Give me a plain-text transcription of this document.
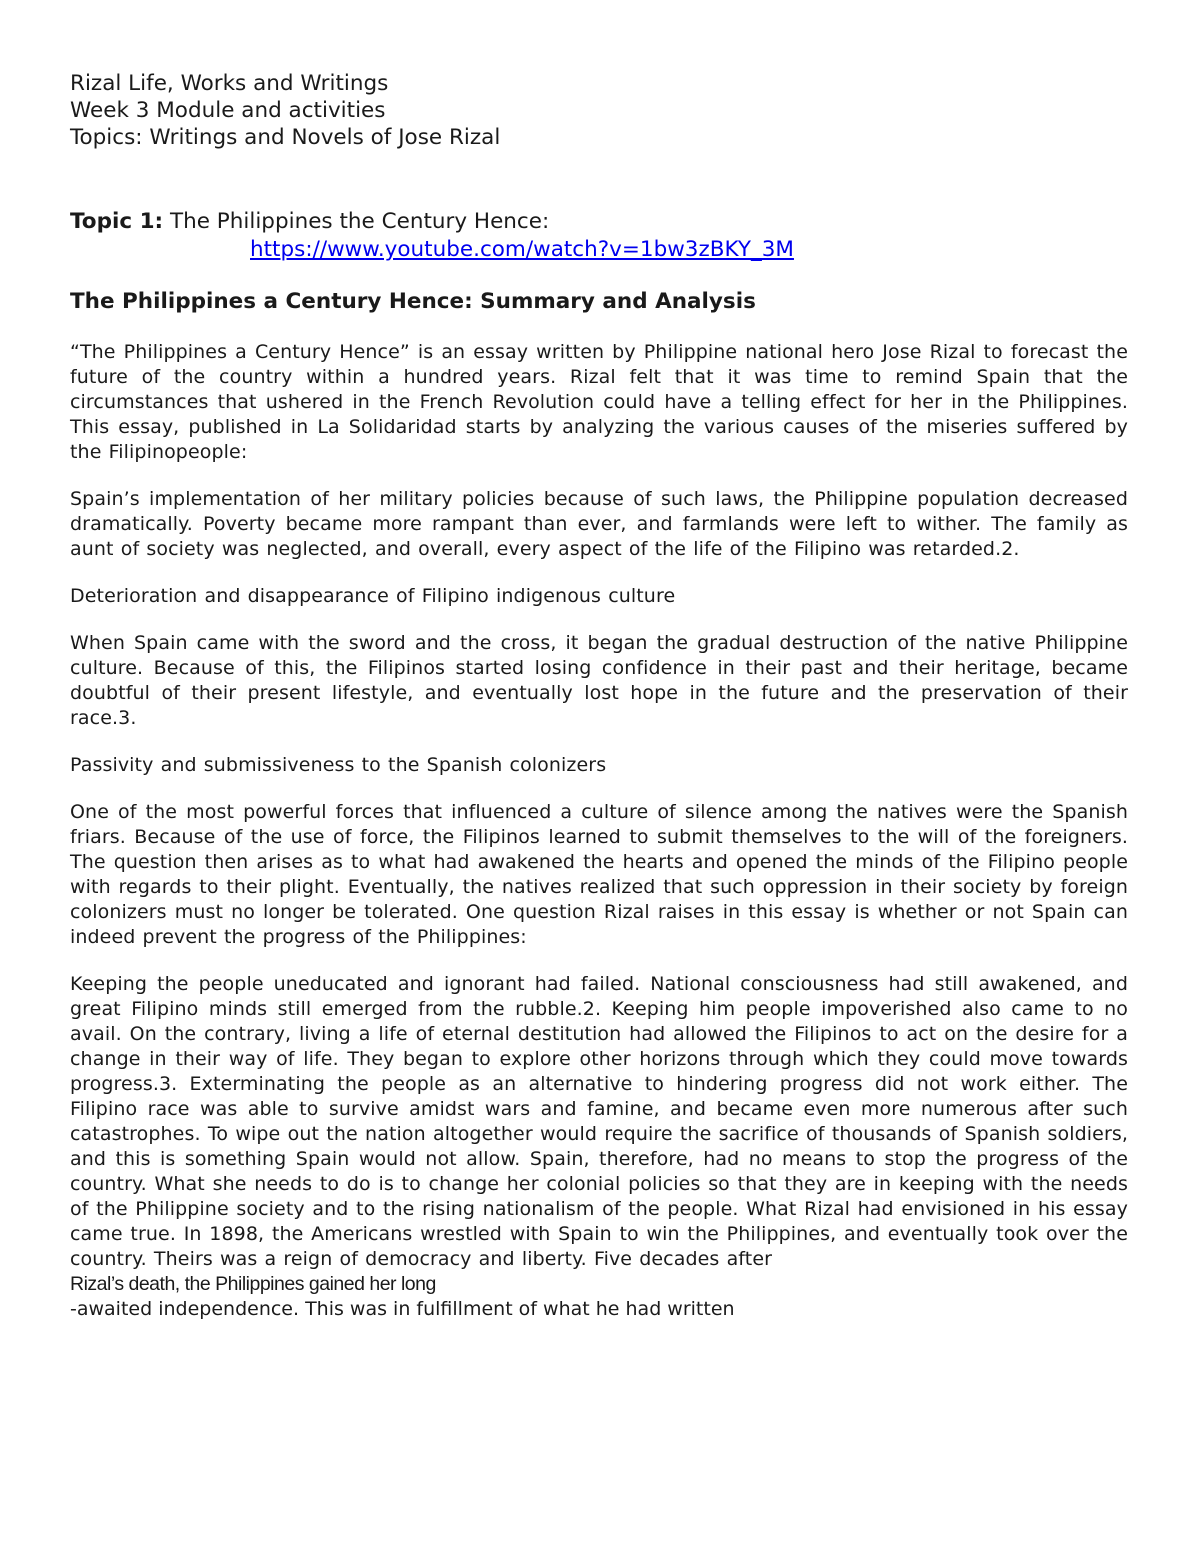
Rizal Life, Works and Writings

Week 3 Module and activities

Topics: Writings and Novels of Jose Rizal

Topic 1: The Philippines the Century Hence:
https://www.youtube.com/watch?v=1bw3zBKY_3M
The Philippines a Century Hence: Summary and Analysis

“The Philippines a Century Hence” is an essay written by Philippine national hero Jose Rizal to forecast the future of the country within a hundred years. Rizal felt that it was time to remind Spain that the circumstances that ushered in the French Revolution could have a telling effect for her in the Philippines. This essay, published in La Solidaridad starts by analyzing the various causes of the miseries suffered by the Filipinopeople:

Spain’s implementation of her military policies because of such laws, the Philippine population decreased dramatically. Poverty became more rampant than ever, and farmlands were left to wither. The family as aunt of society was neglected, and overall, every aspect of the life of the Filipino was retarded.2.

Deterioration and disappearance of Filipino indigenous culture

When Spain came with the sword and the cross, it began the gradual destruction of the native Philippine culture. Because of this, the Filipinos started losing confidence in their past and their heritage, became doubtful of their present lifestyle, and eventually lost hope in the future and the preservation of their race.3.

Passivity and submissiveness to the Spanish colonizers

One of the most powerful forces that influenced a culture of silence among the natives were the Spanish friars. Because of the use of force, the Filipinos learned to submit themselves to the will of the foreigners. The question then arises as to what had awakened the hearts and opened the minds of the Filipino people with regards to their plight. Eventually, the natives realized that such oppression in their society by foreign colonizers must no longer be tolerated. One question Rizal raises in this essay is whether or not Spain can indeed prevent the progress of the Philippines:

Keeping the people uneducated and ignorant had failed. National consciousness had still awakened, and great Filipino minds still emerged from the rubble.2. Keeping him people impoverished also came to no avail. On the contrary, living a life of eternal destitution had allowed the Filipinos to act on the desire for a change in their way of life. They began to explore other horizons through which they could move towards progress.3. Exterminating the people as an alternative to hindering progress did not work either. The Filipino race was able to survive amidst wars and famine, and became even more numerous after such catastrophes. To wipe out the nation altogether would require the sacrifice of thousands of Spanish soldiers, and this is something Spain would not allow. Spain, therefore, had no means to stop the progress of the country. What she needs to do is to change her colonial policies so that they are in keeping with the needs of the Philippine society and to the rising nationalism of the people. What Rizal had envisioned in his essay came true. In 1898, the Americans wrestled with Spain to win the Philippines, and eventually took over the country. Theirs was a reign of democracy and liberty. Five decades after

Rizal’s death, the Philippines gained her long

-awaited independence. This was in fulfillment of what he had written
